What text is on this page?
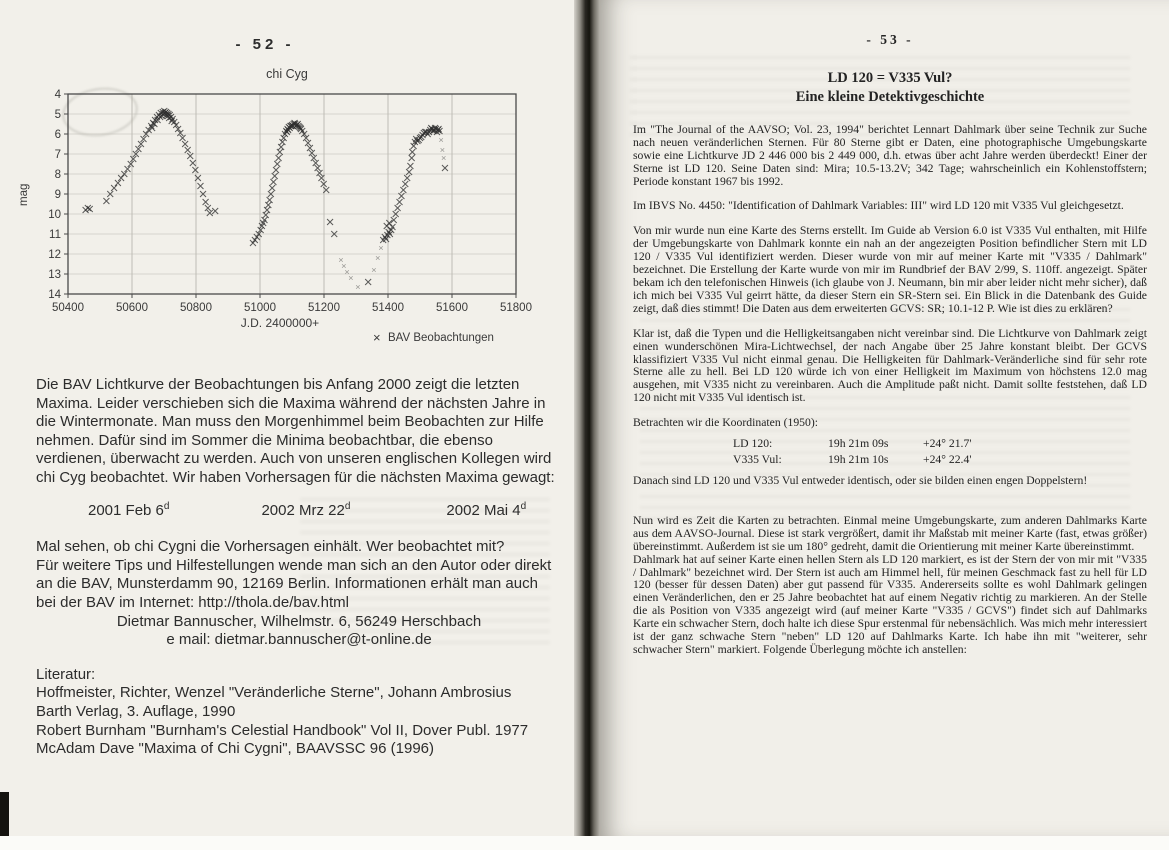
- 52 -
4
5
6
7
8
9
10
11
12
13
14
50400	50600	50800	51000	51200	51400	51600	51800
chi Cyg
J.D. 2400000+
mag
× BAV Beobachtungen

Die BAV Lichtkurve der Beobachtungen bis Anfang 2000 zeigt die letzten Maxima. Leider verschieben sich die Maxima während der nächsten Jahre in die Wintermonate. Man muss den Morgenhimmel beim Beobachten zur Hilfe nehmen. Dafür sind im Sommer die Minima beobachtbar, die ebenso verdienen, überwacht zu werden. Auch von unseren englischen Kollegen wird chi Cyg beobachtet. Wir haben Vorhersagen für die nächsten Maxima gewagt:

2001 Feb 6$^d$	2002 Mrz 22$^d$	2002 Mai 4$^d$

Mal sehen, ob chi Cygni die Vorhersagen einhält. Wer beobachtet mit?

Für weitere Tips und Hilfestellungen wende man sich an den Autor oder direkt an die BAV, Munsterdamm 90, 12169 Berlin. Informationen erhält man auch bei der BAV im Internet: http://thola.de/bav.html

Dietmar Bannuscher, Wilhelmstr. 6, 56249 Herschbach
e mail: dietmar.bannuscher@t-online.de
Literatur:
Hoffmeister, Richter, Wenzel "Veränderliche Sterne", Johann Ambrosius
Barth Verlag, 3. Auflage, 1990
Robert Burnham "Burnham's Celestial Handbook" Vol II, Dover Publ. 1977
McAdam Dave "Maxima of Chi Cygni", BAAVSSC 96 (1996)
- 53 -
LD 120 = V335 Vul?
Eine kleine Detektivgeschichte

Im "The Journal of the AAVSO; Vol. 23, 1994" berichtet Lennart Dahlmark über seine Technik zur Suche nach neuen veränderlichen Sternen. Für 80 Sterne gibt er Daten, eine photographische Umgebungskarte sowie eine Lichtkurve JD 2 446 000 bis 2 449 000, d.h. etwas über acht Jahre werden überdeckt! Einer der Sterne ist LD 120. Seine Daten sind: Mira; 10.5-13.2V; 342 Tage; wahrscheinlich ein Kohlenstoffstern; Periode konstant 1967 bis 1992.

Im IBVS No. 4450: "Identification of Dahlmark Variables: III" wird LD 120 mit V335 Vul gleichgesetzt.

Von mir wurde nun eine Karte des Sterns erstellt. Im Guide ab Version 6.0 ist V335 Vul enthalten, mit Hilfe der Umgebungskarte von Dahlmark konnte ein nah an der angezeigten Position befindlicher Stern mit LD 120 / V335 Vul identifiziert werden. Dieser wurde von mir auf meiner Karte mit "V335 / Dahlmark" bezeichnet. Die Erstellung der Karte wurde von mir im Rundbrief der BAV 2/99, S. 110ff. angezeigt. Später bekam ich den telefonischen Hinweis (ich glaube von J. Neumann, bin mir aber leider nicht mehr sicher), daß ich mich bei V335 Vul geirrt hätte, da dieser Stern ein SR-Stern sei. Ein Blick in die Datenbank des Guide zeigt, daß dies stimmt! Die Daten aus dem erweiterten GCVS: SR; 10.1-12 P. Wie ist dies zu erklären?

Klar ist, daß die Typen und die Helligkeitsangaben nicht vereinbar sind. Die Lichtkurve von Dahlmark zeigt einen wunderschönen Mira-Lichtwechsel, der nach Angabe über 25 Jahre konstant bleibt. Der GCVS klassifiziert V335 Vul nicht einmal genau. Die Helligkeiten für Dahlmark-Veränderliche sind für sehr rote Sterne alle zu hell. Bei LD 120 würde ich von einer Helligkeit im Maximum von höchstens 12.0 mag ausgehen, mit V335 nicht zu vereinbaren. Auch die Amplitude paßt nicht. Damit sollte feststehen, daß LD 120 nicht mit V335 Vul identisch ist.

Betrachten wir die Koordinaten (1950):

LD 120:	19h 21m 09s	+24° 21.7'
V335 Vul:	19h 21m 10s	+24° 22.4'

Danach sind LD 120 und V335 Vul entweder identisch, oder sie bilden einen engen Doppelstern!

Nun wird es Zeit die Karten zu betrachten. Einmal meine Umgebungskarte, zum anderen Dahlmarks Karte aus dem AAVSO-Journal. Diese ist stark vergrößert, damit ihr Maßstab mit meiner Karte (fast, etwas größer) übereinstimmt. Außerdem ist sie um 180° gedreht, damit die Orientierung mit meiner Karte übereinstimmt.

Dahlmark hat auf seiner Karte einen hellen Stern als LD 120 markiert, es ist der Stern der von mir mit "V335 / Dahlmark" bezeichnet wird. Der Stern ist auch am Himmel hell, für meinen Geschmack fast zu hell für LD 120 (besser für dessen Daten) aber gut passend für V335. Andererseits sollte es wohl Dahlmark gelingen einen Veränderlichen, den er 25 Jahre beobachtet hat auf einem Negativ richtig zu markieren. An der Stelle die als Position von V335 angezeigt wird (auf meiner Karte "V335 / GCVS") findet sich auf Dahlmarks Karte ein schwacher Stern, doch halte ich diese Spur erstenmal für nebensächlich. Was mich mehr interessiert ist der ganz schwache Stern "neben" LD 120 auf Dahlmarks Karte. Ich habe ihn mit "weiterer, sehr schwacher Stern" markiert. Folgende Überlegung möchte ich anstellen:
